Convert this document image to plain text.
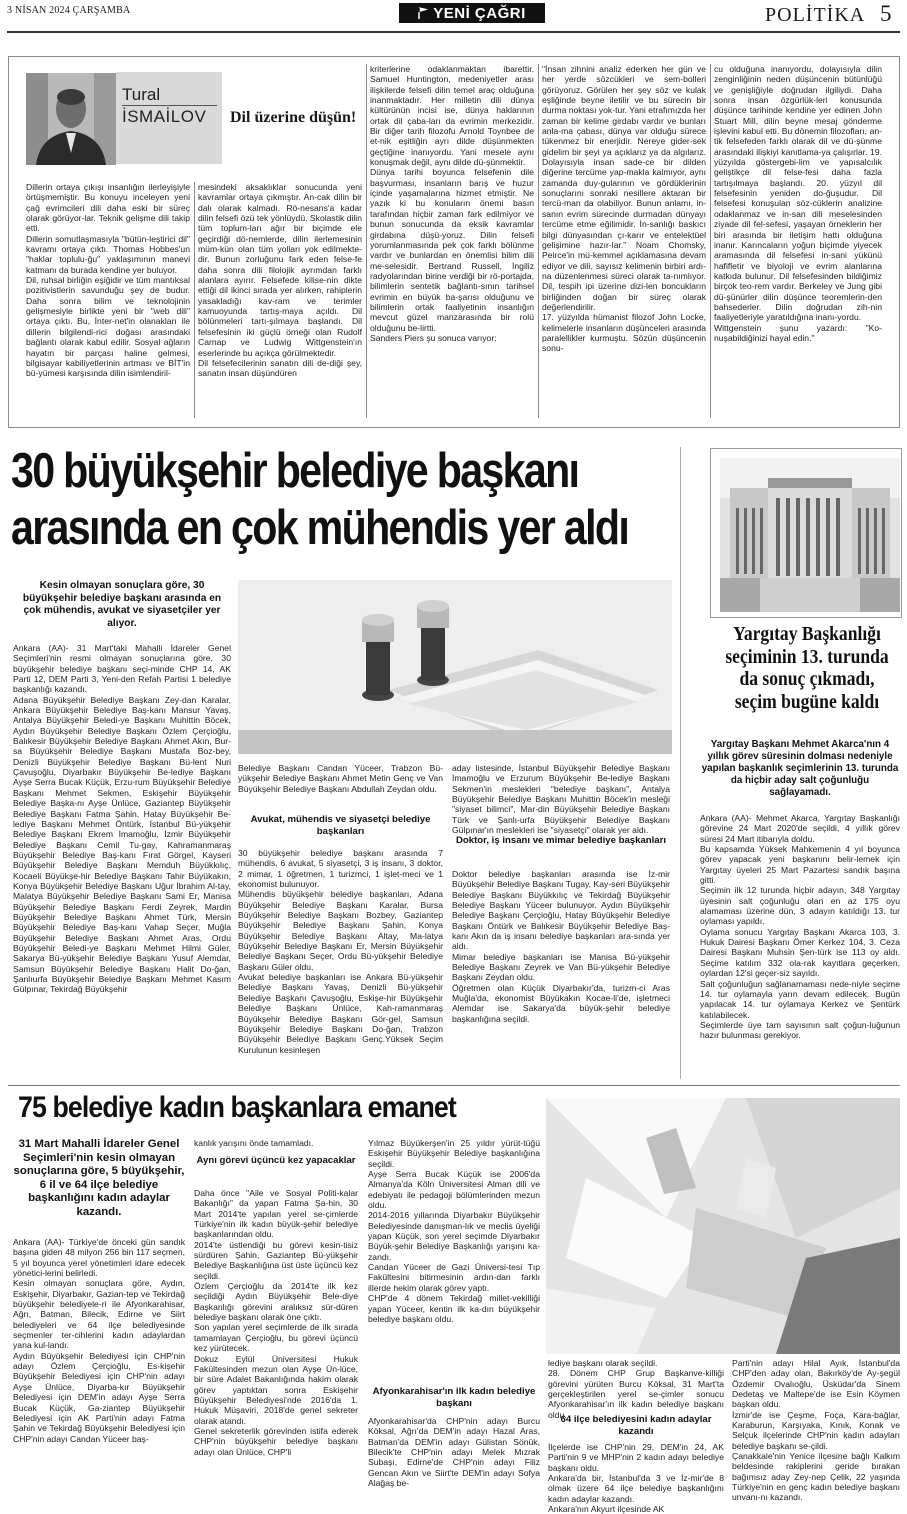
3 NİSAN 2024 ÇARŞAMBA	YENİ ÇAĞRI	POLİTİKA 5
Tural
İSMAİLOV Dil üzerine düşün!
Dillerin ortaya çıkışı insanlığın ilerleyişiyle örtüşmemiştir. Bu konuyu inceleyen yeni çağ evrimcileri dili daha eski bir süreç olarak görüyor-lar. Teknik gelişme dili takip etti.
Dillerin somutlaşmasıyla "bütün-leştirici dil" kavramı ortaya çıktı. Thomas Hobbes'un "haklar toplulu-ğu" yaklaşımının manevi katmanı da burada kendine yer buluyor.
Dil, ruhsal birliğin eşiğidir ve tüm mantıksal pozitivistlerin savunduğu şey de budur. Daha sonra bilim ve teknolojinin gelişmesiyle birlikte yeni bir "web dili" ortaya çıktı. Bu, İnter-net'in olanakları ile dillerin bilgilendi-rici doğası arasındaki bağlantı olarak kabul edilir. Sosyal ağların hayatın bir parçası haline gelmesi, bilgisayar kabiliyetlerinin artması ve BİT'in bü-yümesi karşısında dilin isimlendiril-
mesindeki aksaklıklar sonucunda yeni kavramlar ortaya çıkmıştır. An-cak dilin bir dalı olarak kalmadı. Rö-nesans'a kadar dilin felsefi özü tek yönlüydü. Skolastik dilin tüm toplum-ları ağır bir biçimde ele geçirdiği dö-nemlerde, dilin ilerlemesinin müm-kün olan tüm yolları yok edilmekte-dir. Bunun zorluğunu fark eden felse-fe daha sonra dili filolojik ayrımdan farklı alanlara ayırır. Felsefede kilise-nin dikte ettiği dil ikinci sırada yer alırken, rahiplerin yasakladığı kav-ram ve terimler kamuoyunda tartış-maya açıldı. Dil bölünmeleri tartı-şılmaya başlandı. Dil felsefesinin iki güçlü örneği olan Rudolf Carnap ve Ludwig Wittgenstein'ın eserlerinde bu açıkça görülmektedir.
Dil felsefecilerinin sanatın dili de-diği şey, sanatın insan düşündüren
kriterlerine odaklanmaktan ibarettir. Samuel Huntington, medeniyetler arası ilişkilerde felsefi dilin temel araç olduğuna inanmaktadır. Her milletin dili dünya kültürünün incisi ise, dünya haklarının ortak dil çaba-ları da evrimin merkezidir. Bir diğer tarih filozofu Arnold Toynbee de et-nik eşitliğin ayrı dilde düşünmekten geçtiğine inanıyordu. Yani mesele aynı konuşmak değil, aynı dilde dü-şünmektir.
Dünya tarihi boyunca felsefenin dile başvurması, insanların barış ve huzur içinde yaşamalarına hizmet etmiştir. Ne yazık ki bu konuların önemi basın tarafından hiçbir zaman fark edilmiyor ve bunun sonucunda da eksik kavramlar girdabına düşü-yoruz. Dilin felsefi yorumlanmasında pek çok farklı bölünme vardır ve bunlardan en önemlisi bilim dili me-selesidir. Bertrand Russell, İngiliz radyolarından birine verdiği bir rö-portajda, bilimlerin sentetik bağlantı-sının tarihsel evrimin en büyük ba-şarısı olduğunu ve bilimlerin ortak faaliyetinin insanlığın mevcut güzel manzarasında bir rolü olduğunu be-lirtti.
Sanders Piers şu sonuca varıyor:
"İnsan zihnini analiz ederken her gün ve her yerde sözcükleri ve sem-bolleri görüyoruz. Görülen her şey söz ve kulak eşliğinde beyne iletilir ve bu sürecin bir durma noktası yok-tur. Yani etrafımızda her zaman bir kelime girdabı vardır ve bunları anla-ma çabası, dünya var olduğu sürece tükenmez bir enerjidir. Nereye gider-sek gidelim bir şeyi ya açıklarız ya da algılarız. Dolayısıyla insan sade-ce bir dilden diğerine tercüme yap-makla kalmıyor, aynı zamanda duy-gularının ve gördüklerinin sonuçlarını sonraki nesillere aktaran bir tercü-man da olabiliyor. Bunun anlamı, in-sanın evrim sürecinde durmadan dünyayı tercüme etme eğilimidir. İn-sanlığı baskıcı bilgi dünyasından çı-karır ve entelektüel gelişimine hazır-lar." Noam Chomsky, Peirce'in mü-kemmel açıklamasına devam ediyor ve dili, sayısız kelimenin birbiri ardı-na düzenlenmesi süreci olarak ta-nımlıyor. Dil, tespih ipi üzerine dizi-len boncukların birliğinden doğan bir süreç olarak değerlendirilir.
17. yüzyılda hümanist filozof John Locke, kelimelerle insanların düşünceleri arasında paralellikler kurmuştu. Sözün düşüncenin sonu-
cu olduğuna inanıyordu, dolayısıyla dilin zenginliğinin neden düşüncenin bütünlüğü ve genişliğiyle doğrudan ilgiliydi. Daha sonra insan özgürlük-leri konusunda düşünce tarihinde kendine yer edinen John Stuart Mill, dilin beyne mesaj gönderme işlevini kabul etti. Bu dönemin filozofları, an-tik felsefeden farklı olarak dil ve dü-şünme arasındaki ilişkiyi kanıtlama-ya çalışırlar. 19. yüzyılda göstergebi-lim ve yapısalcılık geliştikçe dil felse-fesi daha fazla tartışılmaya başlandı. 20. yüzyıl dil felsefesinin yeniden do-ğuşudur. Dil felsefesi konuşulan söz-cüklerin analizine odaklanmaz ve in-san dili meselesinden ziyade dil fel-sefesi, yaşayan örneklerin her biri arasında bir iletişim hattı olduğuna inanır. Karıncaların yoğun biçimde yiyecek aramasında dil felsefesi in-sani yükünü hafifletir ve biyoloji ve evrim alanlarına katkıda bulunur. Dil felsefesinden bildiğimiz birçok teo-rem vardır. Berkeley ve Jung gibi dü-şünürler dilin düşünce teoremlerin-den bahsederler. Dilin doğrudan zih-nin faaliyetleriyle yaratıldığına inanı-yordu.
Wittgenstein şunu yazardı: "Ko-nuşabildiğinizi hayal edin."
30 büyükşehir belediye başkanı
arasında en çok mühendis yer aldı
Kesin olmayan sonuçlara göre, 30 büyükşehir belediye başkanı arasında en çok mühendis, avukat ve siyasetçiler yer alıyor.
Ankara (AA)- 31 Mart'taki Mahalli İdareler Genel Seçimleri'nin resmi olmayan sonuçlarına göre, 30 büyükşehir belediye başkanı seçi-minde CHP 14, AK Parti 12, DEM Parti 3, Yeni-den Refah Partisi 1 belediye başkanlığı kazandı.
Adana Büyükşehir Belediye Başkanı Zey-dan Karalar, Ankara Büyükşehir Belediye Baş-kanı Mansur Yavaş, Antalya Büyükşehir Beledi-ye Başkanı Muhittin Böcek, Aydın Büyükşehir Belediye Başkanı Özlem Çerçioğlu, Balıkesir Büyükşehir Belediye Başkanı Ahmet Akın, Bur-sa Büyükşehir Belediye Başkanı Mustafa Boz-bey, Denizli Büyükşehir Belediye Başkanı Bü-lent Nuri Çavuşoğlu, Diyarbakır Büyükşehir Be-lediye Başkanı Ayşe Serra Bucak Küçük, Erzu-rum Büyükşehir Belediye Başkanı Mehmet Sekmen, Eskişehir Büyükşehir Belediye Başka-nı Ayşe Ünlüce, Gaziantep Büyükşehir Belediye Başkanı Fatma Şahin, Hatay Büyükşehir Be-lediye Başkanı Mehmet Öntürk, İstanbul Bü-yükşehir Belediye Başkanı Ekrem İmamoğlu, İzmir Büyükşehir Belediye Başkanı Cemil Tu-gay, Kahramanmaraş Büyükşehir Belediye Baş-kanı Fırat Görgel, Kayseri Büyükşehir Belediye Başkanı Memduh Büyükkılıç, Kocaeli Büyükşe-hir Belediye Başkanı Tahir Büyükakın, Konya Büyükşehir Belediye Başkanı Uğur İbrahim Al-tay, Malatya Büyükşehir Belediye Başkanı Sami Er, Manisa Büyükşehir Belediye Başkanı Ferdi Zeyrek, Mardin Büyükşehir Belediye Başkanı Ahmet Türk, Mersin Büyükşehir Belediye Baş-kanı Vahap Seçer, Muğla Büyükşehir Belediye Başkanı Ahmet Aras, Ordu Büyükşehir Beledi-ye Başkanı Mehmet Hilmi Güler, Sakarya Bü-yükşehir Belediye Başkanı Yusuf Alemdar, Samsun Büyükşehir Belediye Başkanı Halit Do-ğan, Şanlıurfa Büyükşehir Belediye Başkanı Mehmet Kasım Gülpınar, Tekirdağ Büyükşehir
Belediye Başkanı Candan Yüceer, Trabzon Bü-yükşehir Belediye Başkanı Ahmet Metin Genç ve Van Büyükşehir Belediye Başkanı Abdullah Zeydan oldu.
Avukat, mühendis ve siyasetçi belediye başkanları
30 büyükşehir belediye başkanı arasında 7 mühendis, 6 avukat, 5 siyasetçi, 3 iş insanı, 3 doktor, 2 mimar, 1 öğretmen, 1 turizmci, 1 işlet-meci ve 1 ekonomist bulunuyor.
Mühendis büyükşehir belediye başkanları, Adana Büyükşehir Belediye Başkanı Karalar, Bursa Büyükşehir Belediye Başkanı Bozbey, Gaziantep Büyükşehir Belediye Başkanı Şahin, Konya Büyükşehir Belediye Başkanı Altay, Ma-latya Büyükşehir Belediye Başkanı Er, Mersin Büyükşehir Belediye Başkanı Seçer, Ordu Bü-yükşehir Belediye Başkanı Güler oldu.
Avukat belediye başkanları ise Ankara Bü-yükşehir Belediye Başkanı Yavaş, Denizli Bü-yükşehir Belediye Başkanı Çavuşoğlu, Eskişe-hir Büyükşehir Belediye Başkanı Ünlüce, Kah-ramanmaraş Büyükşehir Belediye Başkanı Gör-gel, Samsun Büyükşehir Belediye Başkanı Do-ğan, Trabzon Büyükşehir Belediye Başkanı Genç.Yüksek Seçim Kurulunun kesinleşen
aday listesinde, İstanbul Büyükşehir Belediye Başkanı İmamoğlu ve Erzurum Büyükşehir Be-lediye Başkanı Sekmen'in meslekleri "belediye başkanı", Antalya Büyükşehir Belediye Başkanı Muhittin Böcek'in mesleği "siyaset bilimci", Mar-din Büyükşehir Belediye Başkanı Türk ve Şanlı-urfa Büyükşehir Belediye Başkanı Gülpınar'ın meslekleri ise "siyasetçi" olarak yer aldı.
Doktor, iş insanı ve mimar belediye başkanları
Doktor belediye başkanları arasında ise İz-mir Büyükşehir Belediye Başkanı Tugay, Kay-seri Büyükşehir Belediye Başkanı Büyükkılıç ve Tekirdağ Büyükşehir Belediye Başkanı Yüceer bulunuyor. Aydın Büyükşehir Belediye Başkanı Çerçioğlu, Hatay Büyükşehir Belediye Başkanı Öntürk ve Balıkesir Büyükşehir Belediye Baş-kanı Akın da iş insanı belediye başkanları ara-sında yer aldı.
Mimar belediye başkanları ise Manisa Bü-yükşehir Belediye Başkanı Zeyrek ve Van Bü-yükşehir Belediye Başkanı Zeydan oldu.
Öğretmen olan Küçük Diyarbakır'da, turizm-ci Aras Muğla'da, ekonomist Büyükakın Kocae-li'de, işletmeci Alemdar ise Sakarya'da büyük-şehir belediye başkanlığına seçildi.
Yargıtay Başkanlığı seçiminin 13. turunda da sonuç çıkmadı, seçim bugüne kaldı
Yargıtay Başkanı Mehmet Akarca'nın 4 yıllık görev süresinin dolması nedeniyle yapılan başkanlık seçimlerinin 13. turunda da hiçbir aday salt çoğunluğu sağlayamadı.
Ankara (AA)- Mehmet Akarca, Yargıtay Başkanlığı görevine 24 Mart 2020'de seçildi, 4 yıllık görev süresi 24 Mart itibarıyla doldu.
Bu kapsamda Yüksek Mahkemenin 4 yıl boyunca görev yapacak yeni başkanını belir-lemek için Yargıtay üyeleri 25 Mart Pazartesi sandık başına gitti.
Seçimin ilk 12 turunda hiçbir adayın, 348 Yargıtay üyesinin salt çoğunluğu olan en az 175 oyu alamaması üzerine dün, 3 adayın katıldığı 13. tur oylaması yapıldı.
Oylama sonucu Yargıtay Başkanı Akarca 103, 3. Hukuk Dairesi Başkanı Ömer Kerkez 104, 3. Ceza Dairesi Başkanı Muhsin Şen-türk ise 113 oy aldı. Seçime katılım 332 ola-rak kayıtlara geçerken, oylardan 12'si geçer-siz sayıldı.
Salt çoğunluğun sağlanamaması nede-niyle seçime 14. tur oylamayla yarın devam edilecek. Bugün yapılacak 14. tur oylamaya Kerkez ve Şentürk katılabilecek.
Seçimlerde üye tam sayısının salt çoğun-luğunun hazır bulunması gerekiyor.
75 belediye kadın başkanlara emanet
31 Mart Mahalli İdareler Genel Seçimleri'nin kesin olmayan sonuçlarına göre, 5 büyükşehir, 6 il ve 64 ilçe belediye başkanlığını kadın adaylar kazandı.
Ankara (AA)- Türkiye'de önceki gün sandık başına giden 48 milyon 256 bin 117 seçmen, 5 yıl boyunca yerel yönetimleri idare edecek yönetici-lerini belirledi.
Kesin olmayan sonuçlara göre, Aydın, Eskişehir, Diyarbakır, Gazian-tep ve Tekirdağ büyükşehir belediyele-ri ile Afyonkarahisar, Ağrı, Batman, Bilecik, Edirne ve Siirt belediyeleri ve 64 ilçe belediyesinde seçmenler ter-cihlerini kadın adaylardan yana kul-landı.
Aydın Büyükşehir Belediyesi için CHP'nin adayı Özlem Çerçioğlu, Es-kişehir Büyükşehir Belediyesi için CHP'nin adayı Ayşe Ünlüce, Diyarba-kır Büyükşehir Belediyesi için DEM'in adayı Ayşe Serra Bucak Küçük, Ga-ziantep Büyükşehir Belediyesi için AK Parti'nin adayı Fatma Şahin ve Tekirdağ Büyükşehir Belediyesi için CHP'nin adayı Candan Yüceer baş-
kanlık yarışını önde tamamladı.
Aynı görevi üçüncü kez yapacaklar
Daha önce "Aile ve Sosyal Politi-kalar Bakanlığı" da yapan Fatma Şa-hin, 30 Mart 2014'te yapılan yerel se-çimlerde Türkiye'nin ilk kadın büyük-şehir belediye başkanlarından oldu.
2014'te üstlendiği bu görevi kesin-tisiz sürdüren Şahin, Gaziantep Bü-yükşehir Belediye Başkanlığına üst üste üçüncü kez seçildi.
Özlem Çerçioğlu da 2014'te ilk kez seçildiği Aydın Büyükşehir Bele-diye Başkanlığı görevini aralıksız sür-düren belediye başkanı olarak öne çıktı.
Son yapılan yerel seçimlerde de ilk sırada tamamlayan Çerçioğlu, bu görevi üçüncü kez yürütecek.
Dokuz Eylül Üniversitesi Hukuk Fakültesinden mezun olan Ayşe Ün-lüce, bir süre Adalet Bakanlığında hakim olarak görev yaptıktan sonra Eskişehir Büyükşehir Belediyesi'nde 2016'da 1. Hukuk Müşaviri, 2018'de genel sekreter olarak atandı.
Genel sekreterlik görevinden istifa ederek CHP'nin büyükşehir belediye başkanı adayı olan Ünlüce, CHP'li
Yılmaz Büyükerşen'in 25 yıldır yürüt-tüğü Eskişehir Büyükşehir Belediye başkanlığına seçildi.
Ayşe Serra Bucak Küçük ise 2006'da Almanya'da Köln Üniversitesi Alman dili ve edebiyatı ile pedagoji bölümlerinden mezun oldu.
2014-2016 yıllarında Diyarbakır Büyükşehir Belediyesinde danışman-lık ve meclis üyeliği yapan Küçük, son yerel seçimde Diyarbakır Büyük-şehir Belediye Başkanlığı yarışını ka-zandı.
Candan Yüceer de Gazi Üniversi-tesi Tıp Fakültesini bitirmesinin ardın-dan farklı illerde hekim olarak görev yaptı.
CHP'de 4 dönem Tekirdağ millet-vekilliği yapan Yüceer, kentin ilk ka-dın büyükşehir belediye başkanı oldu.
Afyonkarahisar'ın ilk kadın belediye başkanı
Afyonkarahisar'da CHP'nin adayı Burcu Köksal, Ağrı'da DEM'in adayı Hazal Aras, Batman'da DEM'in adayı Gülistan Sönük, Bilecik'te CHP'nin adayı Melek Mızrak Subaşı, Edirne'de CHP'nin adayı Filiz Gencan Akın ve Siirt'te DEM'in adayı Sofya Alağaş be-
lediye başkanı olarak seçildi.
28. Dönem CHP Grup Başkanve-killiği görevini yürüten Burcu Köksal, 31 Mart'ta gerçekleştirilen yerel se-çimler sonucu Afyonkarahisar'ın ilk kadın belediye başkanı oldu.
64 ilçe belediyesini kadın adaylar kazandı
İlçelerde ise CHP'nin 29, DEM'in 24, AK Parti'nin 9 ve MHP'nin 2 kadın adayı belediye başkanı oldu.
Ankara'da bir, İstanbul'da 3 ve İz-mir'de 8 olmak üzere 64 ilçe belediye başkanlığını kadın adaylar kazandı.
Ankara'nın Akyurt ilçesinde AK
Parti'nin adayı Hilal Ayık, İstanbul'da CHP'den aday olan, Bakırköy'de Ay-şegül Özdemir Ovalıoğlu, Üsküdar'da Sinem Dedetaş ve Maltepe'de ise Esin Köymen başkan oldu.
İzmir'de ise Çeşme, Foça, Kara-bağlar, Karaburun, Karşıyaka, Kınık, Konak ve Selçuk ilçelerinde CHP'nin kadın adayları belediye başkanı se-çildi.
Çanakkale'nin Yenice ilçesine bağlı Kalkım beldesinde rakiplerini geride bırakan bağımsız aday Zey-nep Çelik, 22 yaşında Türkiye'nin en genç kadın belediye başkanı unvanı-nı kazandı.
